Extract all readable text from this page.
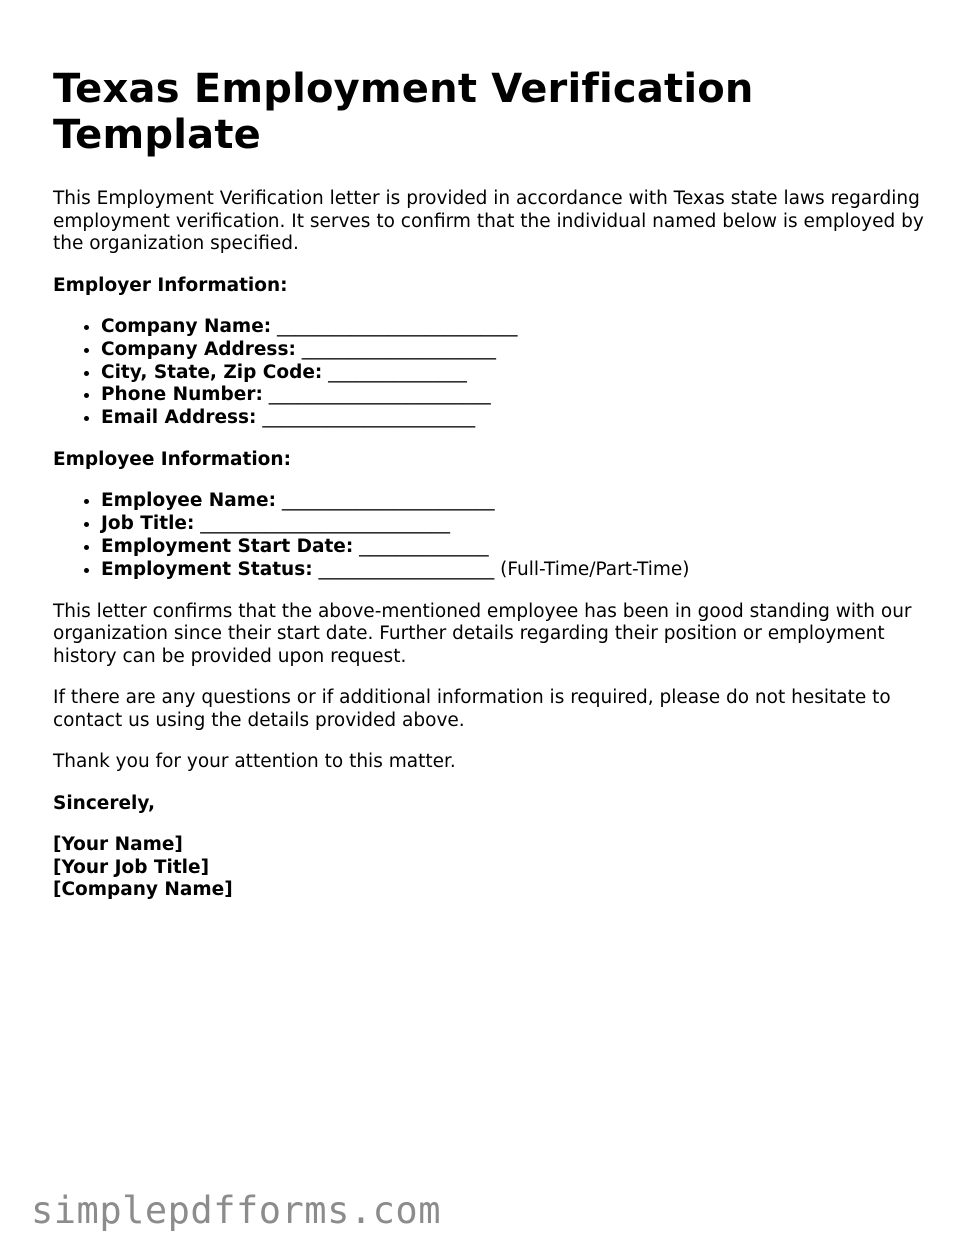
Texas Employment Verification Template

This Employment Verification letter is provided in accordance with Texas state laws regarding employment verification. It serves to confirm that the individual named below is employed by the organization specified.

Employer Information:

• Company Name: __________________________
• Company Address: _____________________
• City, State, Zip Code: _______________
• Phone Number: ________________________
• Email Address: _______________________

Employee Information:

• Employee Name: _______________________
• Job Title: ___________________________
• Employment Start Date: ______________
• Employment Status: ___________________ (Full-Time/Part-Time)

This letter confirms that the above-mentioned employee has been in good standing with our organization since their start date. Further details regarding their position or employment history can be provided upon request.

If there are any questions or if additional information is required, please do not hesitate to contact us using the details provided above.

Thank you for your attention to this matter.

Sincerely,

[Your Name]

[Your Job Title]

[Company Name]

simplepdfforms.com
